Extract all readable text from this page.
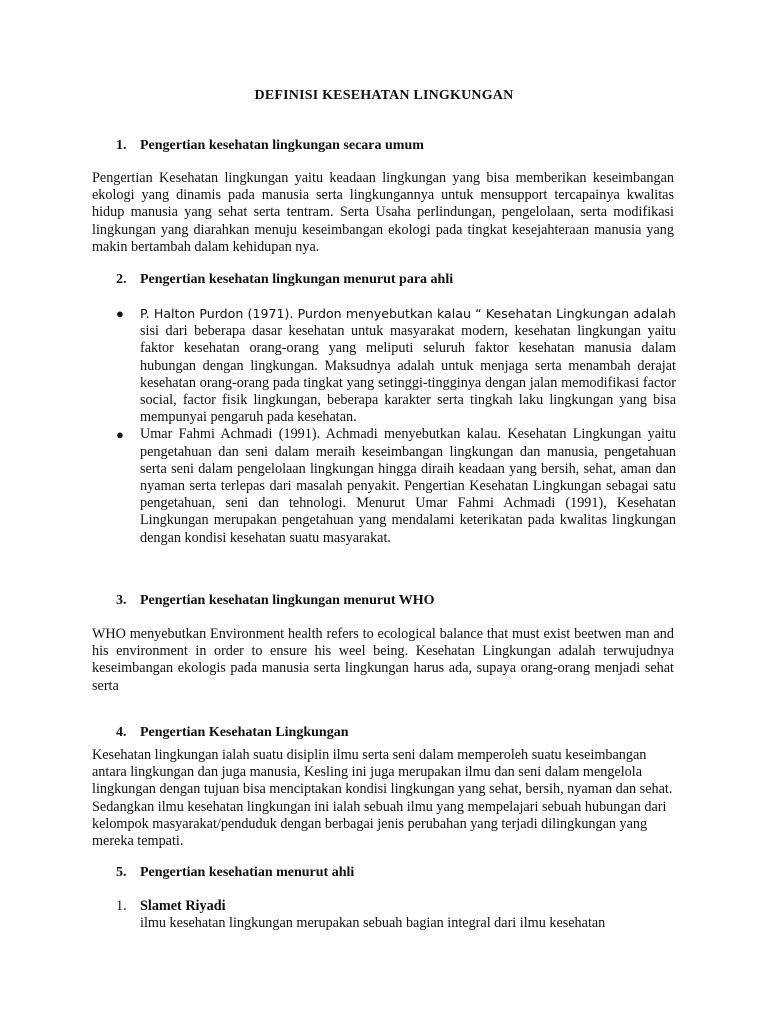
DEFINISI KESEHATAN LINGKUNGAN
1. Pengertian kesehatan lingkungan secara umum
Pengertian Kesehatan lingkungan yaitu keadaan lingkungan yang bisa memberikan keseimbangan ekologi yang dinamis pada manusia serta lingkungannya untuk mensupport tercapainya kwalitas hidup manusia yang sehat serta tentram. Serta Usaha perlindungan, pengelolaan, serta modifikasi lingkungan yang diarahkan menuju keseimbangan ekologi pada tingkat kesejahteraan manusia yang makin bertambah dalam kehidupan nya.
2. Pengertian kesehatan lingkungan menurut para ahli
● P. Halton Purdon (1971). Purdon menyebutkan kalau “ Kesehatan Lingkungan adalah sisi dari beberapa dasar kesehatan untuk masyarakat modern, kesehatan lingkungan yaitu faktor kesehatan orang-orang yang meliputi seluruh faktor kesehatan manusia dalam hubungan dengan lingkungan. Maksudnya adalah untuk menjaga serta menambah derajat kesehatan orang-orang pada tingkat yang setinggi-tingginya dengan jalan memodifikasi factor social, factor fisik lingkungan, beberapa karakter serta tingkah laku lingkungan yang bisa mempunyai pengaruh pada kesehatan.
● Umar Fahmi Achmadi (1991). Achmadi menyebutkan kalau. Kesehatan Lingkungan yaitu pengetahuan dan seni dalam meraih keseimbangan lingkungan dan manusia, pengetahuan serta seni dalam pengelolaan lingkungan hingga diraih keadaan yang bersih, sehat, aman dan nyaman serta terlepas dari masalah penyakit. Pengertian Kesehatan Lingkungan sebagai satu pengetahuan, seni dan tehnologi. Menurut Umar Fahmi Achmadi (1991), Kesehatan Lingkungan merupakan pengetahuan yang mendalami keterikatan pada kwalitas lingkungan dengan kondisi kesehatan suatu masyarakat.
3. Pengertian kesehatan lingkungan menurut WHO
WHO menyebutkan Environment health refers to ecological balance that must exist beetwen man and his environment in order to ensure his weel being. Kesehatan Lingkungan adalah terwujudnya keseimbangan ekologis pada manusia serta lingkungan harus ada, supaya orang-orang menjadi sehat serta
4. Pengertian Kesehatan Lingkungan
Kesehatan lingkungan ialah suatu disiplin ilmu serta seni dalam memperoleh suatu keseimbangan antara lingkungan dan juga manusia, Kesling ini juga merupakan ilmu dan seni dalam mengelola lingkungan dengan tujuan bisa menciptakan kondisi lingkungan yang sehat, bersih, nyaman dan sehat. Sedangkan ilmu kesehatan lingkungan ini ialah sebuah ilmu yang mempelajari sebuah hubungan dari kelompok masyarakat/penduduk dengan berbagai jenis perubahan yang terjadi dilingkungan yang mereka tempati.
5. Pengertian kesehatian menurut ahli
1. Slamet Riyadi
ilmu kesehatan lingkungan merupakan sebuah bagian integral dari ilmu kesehatan
